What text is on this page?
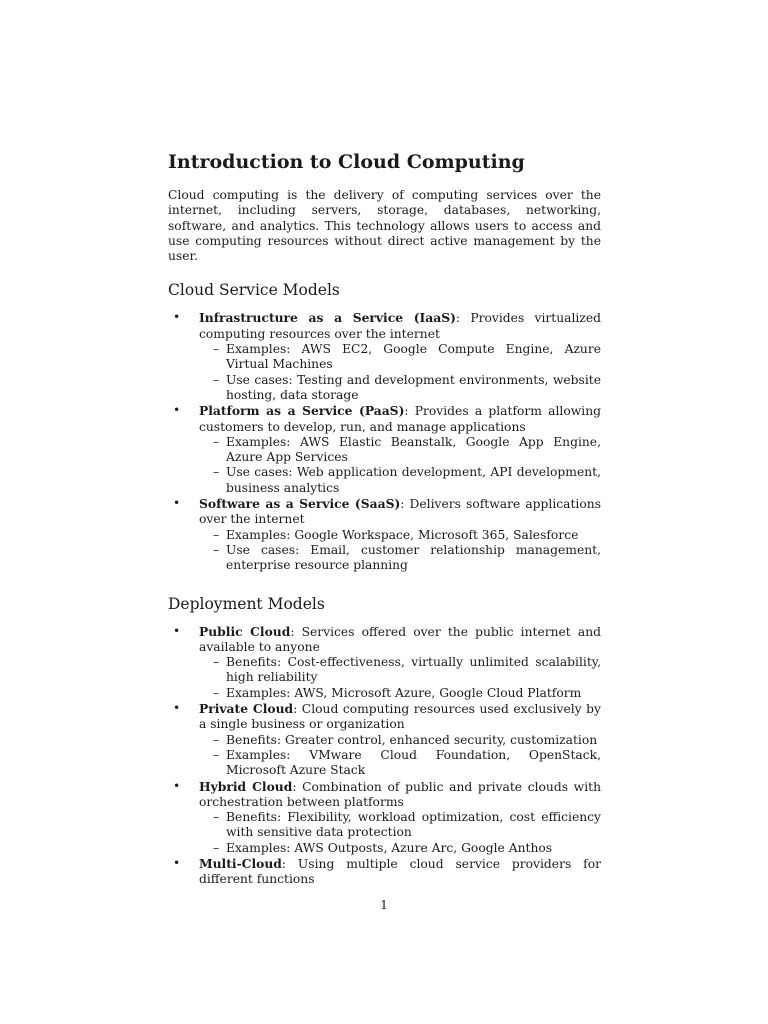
Introduction to Cloud Computing

Cloud computing is the delivery of computing services over the internet, including servers, storage, databases, networking, software, and analytics. This technology allows users to access and use computing resources without direct active management by the user.

Cloud Service Models
• Infrastructure as a Service (IaaS): Provides virtualized computing resources over the internet
– Examples: AWS EC2, Google Compute Engine, Azure Virtual Machines
– Use cases: Testing and development environments, website hosting, data storage
• Platform as a Service (PaaS): Provides a platform allowing customers to develop, run, and manage applications
– Examples: AWS Elastic Beanstalk, Google App Engine, Azure App Services
– Use cases: Web application development, API development, business analytics
• Software as a Service (SaaS): Delivers software applications over the internet
– Examples: Google Workspace, Microsoft 365, Salesforce
– Use cases: Email, customer relationship management, enterprise resource planning
Deployment Models
• Public Cloud: Services offered over the public internet and available to anyone
– Benefits: Cost-effectiveness, virtually unlimited scalability, high reliability
– Examples: AWS, Microsoft Azure, Google Cloud Platform
• Private Cloud: Cloud computing resources used exclusively by a single business or organization
– Benefits: Greater control, enhanced security, customization
– Examples: VMware Cloud Foundation, OpenStack, Microsoft Azure Stack
• Hybrid Cloud: Combination of public and private clouds with orchestration between platforms
– Benefits: Flexibility, workload optimization, cost efficiency with sensitive data protection
– Examples: AWS Outposts, Azure Arc, Google Anthos
• Multi-Cloud: Using multiple cloud service providers for different functions
1
